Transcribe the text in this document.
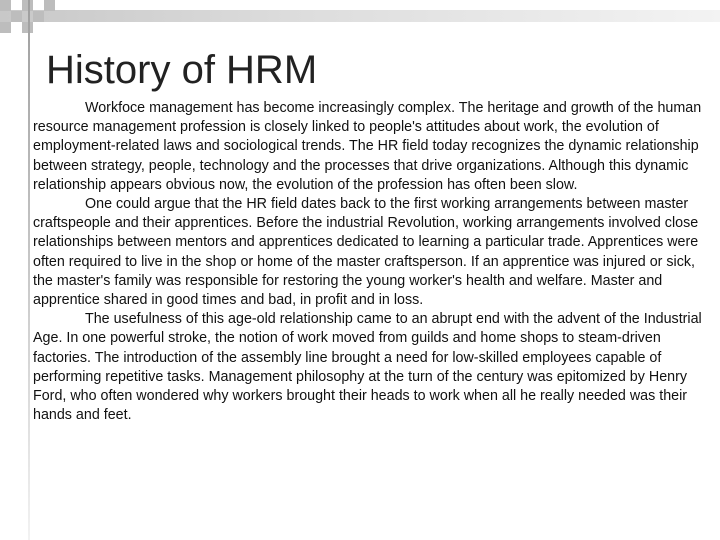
History of HRM

Workfoce management has become increasingly complex. The heritage and growth of the human resource management profession is closely linked to people's attitudes about work, the evolution of employment-related laws and sociological trends. The HR field today recognizes the dynamic relationship between strategy, people, technology and the processes that drive organizations. Although this dynamic relationship appears obvious now, the evolution of the profession has often been slow.

One could argue that the HR field dates back to the first working arrangements between master craftspeople and their apprentices. Before the industrial Revolution, working arrangements involved close relationships between mentors and apprentices dedicated to learning a particular trade. Apprentices were often required to live in the shop or home of the master craftsperson. If an apprentice was injured or sick, the master's family was responsible for restoring the young worker's health and welfare. Master and apprentice shared in good times and bad, in profit and in loss.

The usefulness of this age-old relationship came to an abrupt end with the advent of the Industrial Age. In one powerful stroke, the notion of work moved from guilds and home shops to steam-driven factories. The introduction of the assembly line brought a need for low-skilled employees capable of performing repetitive tasks. Management philosophy at the turn of the century was epitomized by Henry Ford, who often wondered why workers brought their heads to work when all he really needed was their hands and feet.
